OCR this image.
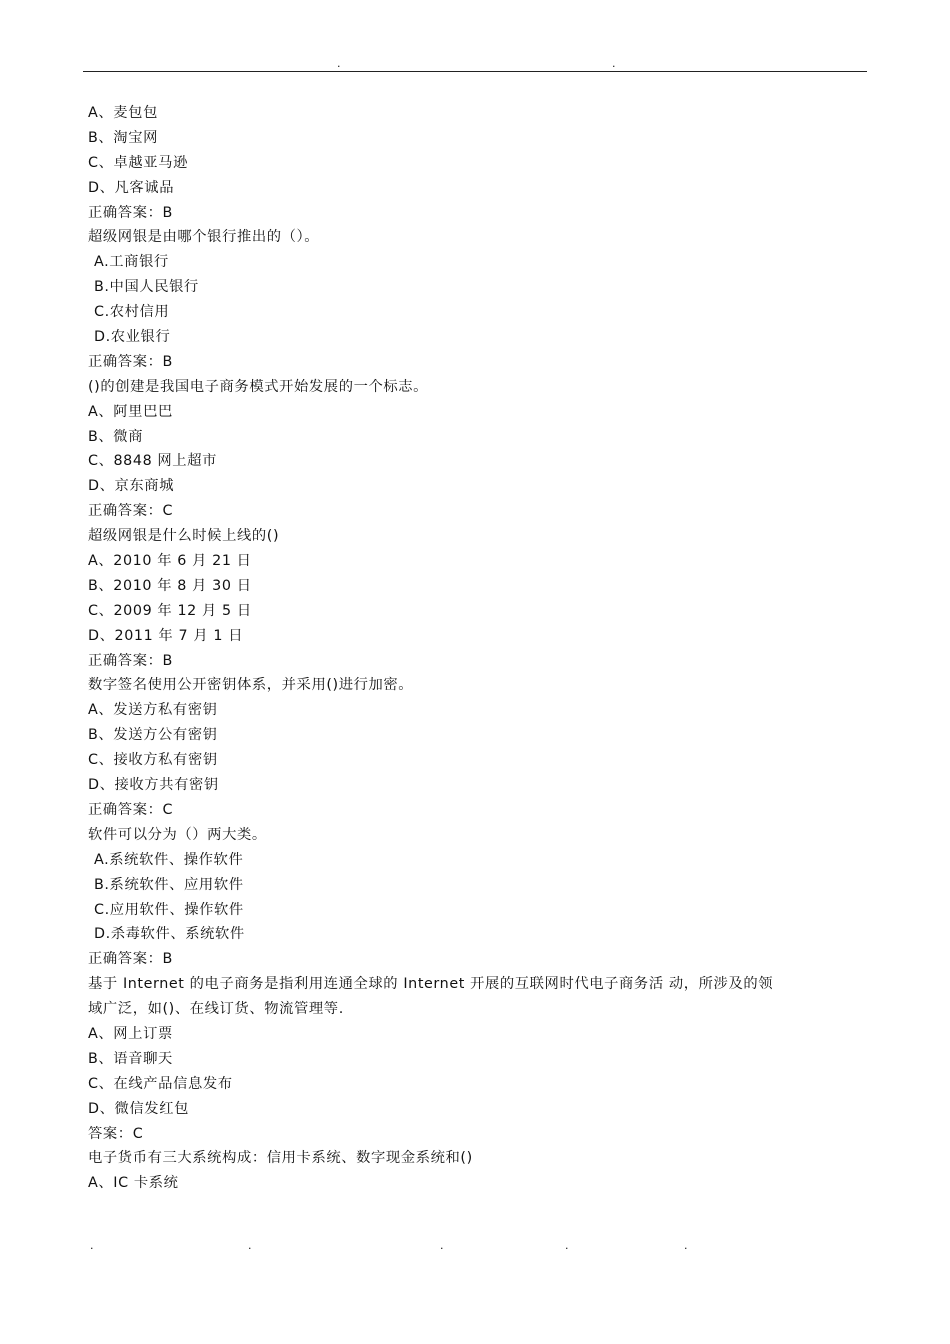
.	.
A、麦包包
B、淘宝网
C、卓越亚马逊
D、凡客诚品
正确答案：B
超级网银是由哪个银行推出的（）。
A.工商银行
B.中国人民银行
C.农村信用
D.农业银行
正确答案：B
()的创建是我国电子商务模式开始发展的一个标志。
A、阿里巴巴
B、微商
C、8848 网上超市
D、京东商城
正确答案：C
超级网银是什么时候上线的()
A、2010 年 6 月 21 日
B、2010 年 8 月 30 日
C、2009 年 12 月 5 日
D、2011 年 7 月 1 日
正确答案：B
数字签名使用公开密钥体系，并采用()进行加密。
A、发送方私有密钥
B、发送方公有密钥
C、接收方私有密钥
D、接收方共有密钥
正确答案：C
软件可以分为（）两大类。
A.系统软件、操作软件
B.系统软件、应用软件
C.应用软件、操作软件
D.杀毒软件、系统软件
正确答案：B
基于 Internet 的电子商务是指利用连通全球的 Internet 开展的互联网时代电子商务活 动，所涉及的领
域广泛，如()、在线订货、物流管理等.
A、网上订票
B、语音聊天
C、在线产品信息发布
D、微信发红包
答案：C
电子货币有三大系统构成：信用卡系统、数字现金系统和()
A、IC 卡系统
.	.	.	.	.
